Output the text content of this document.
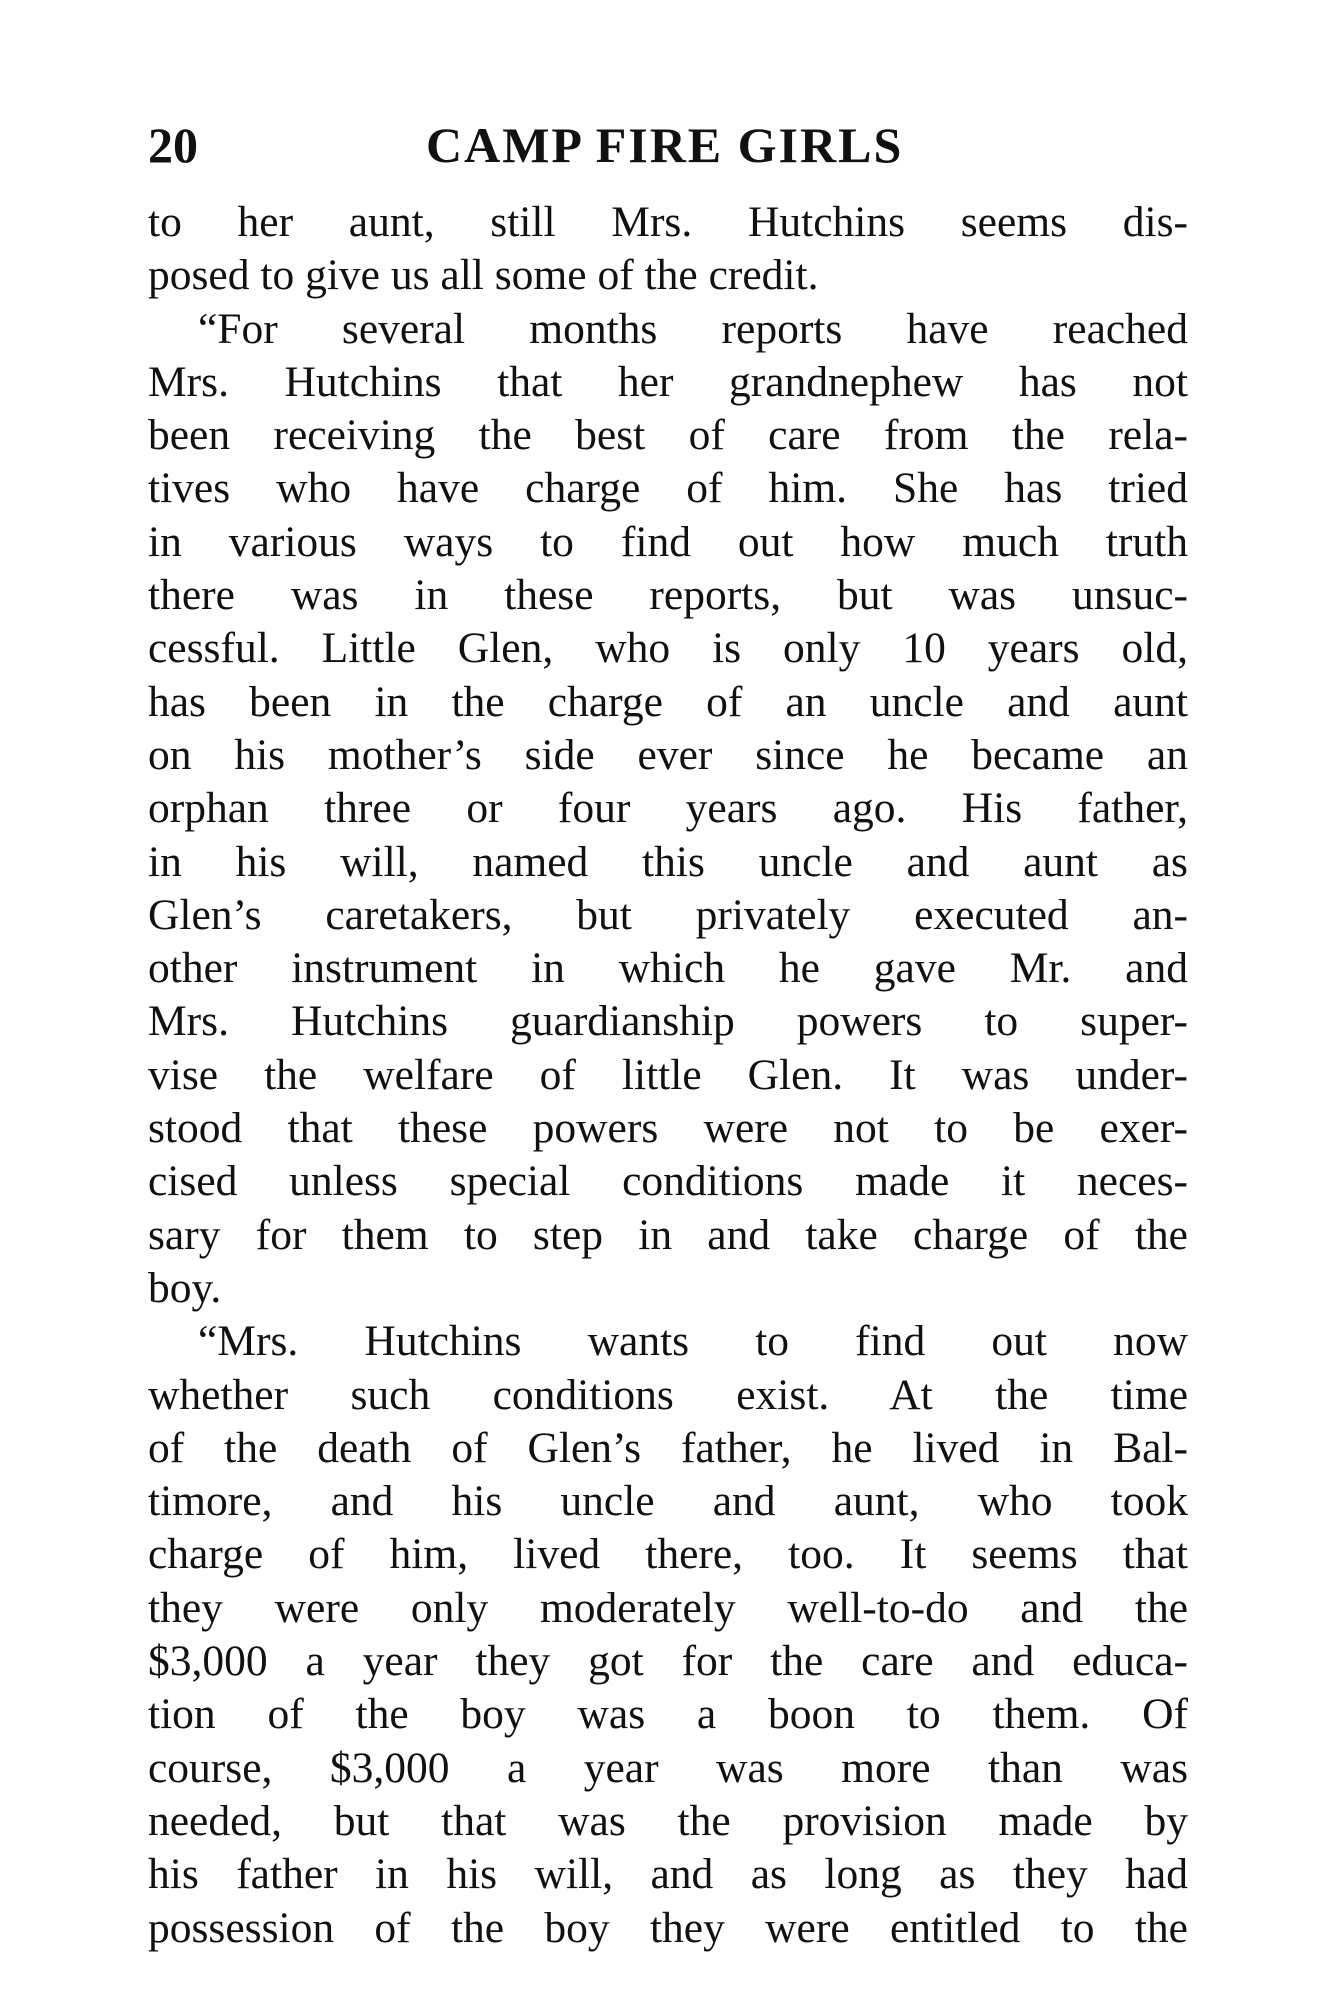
20	CAMP FIRE GIRLS
to her aunt, still Mrs. Hutchins seems dis-
posed to give us all some of the credit.
“For several months reports have reached
Mrs. Hutchins that her grandnephew has not
been receiving the best of care from the rela-
tives who have charge of him. She has tried
in various ways to find out how much truth
there was in these reports, but was unsuc-
cessful. Little Glen, who is only 10 years old,
has been in the charge of an uncle and aunt
on his mother’s side ever since he became an
orphan three or four years ago. His father,
in his will, named this uncle and aunt as
Glen’s caretakers, but privately executed an-
other instrument in which he gave Mr. and
Mrs. Hutchins guardianship powers to super-
vise the welfare of little Glen. It was under-
stood that these powers were not to be exer-
cised unless special conditions made it neces-
sary for them to step in and take charge of the
boy.
“Mrs. Hutchins wants to find out now
whether such conditions exist. At the time
of the death of Glen’s father, he lived in Bal-
timore, and his uncle and aunt, who took
charge of him, lived there, too. It seems that
they were only moderately well-to-do and the
$3,000 a year they got for the care and educa-
tion of the boy was a boon to them. Of
course, $3,000 a year was more than was
needed, but that was the provision made by
his father in his will, and as long as they had
possession of the boy they were entitled to the
